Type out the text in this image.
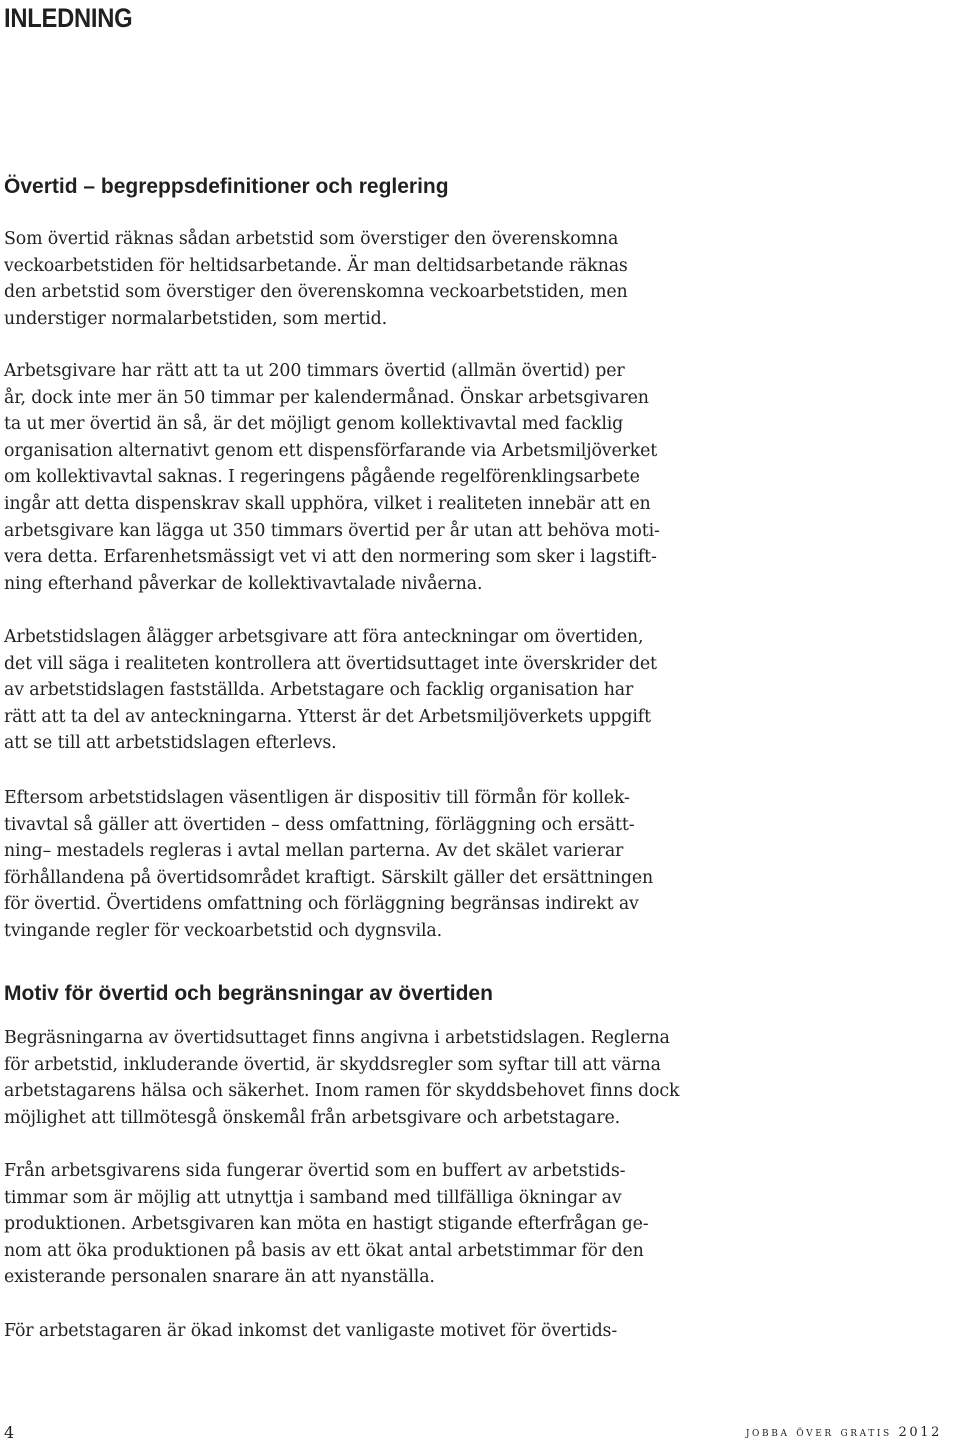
INLEDNING
Övertid – begreppsdefinitioner och reglering

Som övertid räknas sådan arbetstid som överstiger den överenskomna
veckoarbetstiden för heltidsarbetande. Är man deltidsarbetande räknas
den arbetstid som överstiger den överenskomna veckoarbetstiden, men
understiger normalarbetstiden, som mertid.

Arbetsgivare har rätt att ta ut 200 timmars övertid (allmän övertid) per
år, dock inte mer än 50 timmar per kalendermånad. Önskar arbetsgivaren
ta ut mer övertid än så, är det möjligt genom kollektivavtal med facklig
organisation alternativt genom ett dispensförfarande via Arbetsmiljöverket
om kollektivavtal saknas. I regeringens pågående regelförenklingsarbete
ingår att detta dispenskrav skall upphöra, vilket i realiteten innebär att en
arbetsgivare kan lägga ut 350 timmars övertid per år utan att behöva moti-
vera detta. Erfarenhetsmässigt vet vi att den normering som sker i lagstift-
ning efterhand påverkar de kollektivavtalade nivåerna.

Arbetstidslagen ålägger arbetsgivare att föra anteckningar om övertiden,
det vill säga i realiteten kontrollera att övertidsuttaget inte överskrider det
av arbetstidslagen fastställda. Arbetstagare och facklig organisation har
rätt att ta del av anteckningarna. Ytterst är det Arbetsmiljöverkets uppgift
att se till att arbetstidslagen efterlevs.

Eftersom arbetstidslagen väsentligen är dispositiv till förmån för kollek-
tivavtal så gäller att övertiden – dess omfattning, förläggning och ersätt-
ning– mestadels regleras i avtal mellan parterna. Av det skälet varierar
förhållandena på övertidsområdet kraftigt. Särskilt gäller det ersättningen
för övertid. Övertidens omfattning och förläggning begränsas indirekt av
tvingande regler för veckoarbetstid och dygnsvila.

Motiv för övertid och begränsningar av övertiden

Begräsningarna av övertidsuttaget finns angivna i arbetstidslagen. Reglerna
för arbetstid, inkluderande övertid, är skyddsregler som syftar till att värna
arbetstagarens hälsa och säkerhet. Inom ramen för skyddsbehovet finns dock
möjlighet att tillmötesgå önskemål från arbetsgivare och arbetstagare.

Från arbetsgivarens sida fungerar övertid som en buffert av arbetstids-
timmar som är möjlig att utnyttja i samband med tillfälliga ökningar av
produktionen. Arbetsgivaren kan möta en hastigt stigande efterfrågan ge-
nom att öka produktionen på basis av ett ökat antal arbetstimmar för den
existerande personalen snarare än att nyanställa.

För arbetstagaren är ökad inkomst det vanligaste motivet för övertids-

4	jobba över gratis 2012
